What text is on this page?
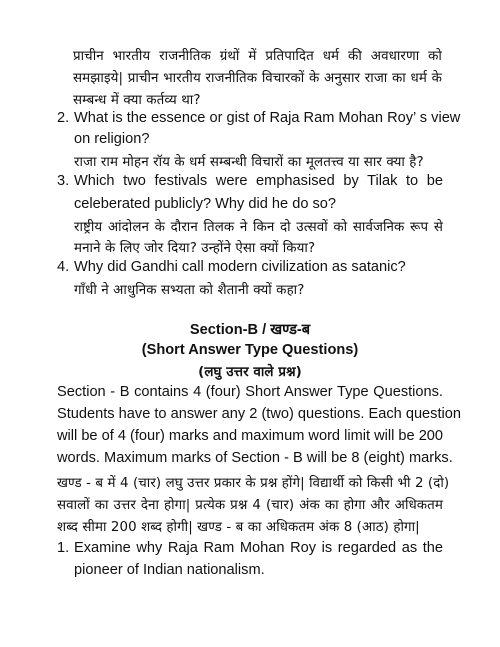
प्राचीन भारतीय राजनीतिक ग्रंथों में प्रतिपादित धर्म की अवधारणा को
समझाइये| प्राचीन भारतीय राजनीतिक विचारकों के अनुसार राजा का धर्म के
सम्बन्ध में क्या कर्तव्य था?
2. What is the essence or gist of Raja Ram Mohan Roy’ s view
on religion?
राजा राम मोहन रॉय के धर्म सम्बन्धी विचारों का मूलतत्त्व या सार क्या है?
3. Which two festivals were emphasised by Tilak to be
celeberated publicly? Why did he do so?
राष्ट्रीय आंदोलन के दौरान तिलक ने किन दो उत्सवों को सार्वजनिक रूप से
मनाने के लिए जोर दिया? उन्होंने ऐसा क्यों किया?
4. Why did Gandhi call modern civilization as satanic?
गाँधी ने आधुनिक सभ्यता को शैतानी क्यों कहा?
Section-B / खण्ड-ब
(Short Answer Type Questions)
(लघु उत्तर वाले प्रश्न)
Section - B contains 4 (four) Short Answer Type Questions.
Students have to answer any 2 (two) questions. Each question
will be of 4 (four) marks and maximum word limit will be 200
words. Maximum marks of Section - B will be 8 (eight) marks.
खण्ड - ब में 4 (चार) लघु उत्तर प्रकार के प्रश्न होंगे| विद्यार्थी को किसी भी 2 (दो)
सवालों का उत्तर देना होगा| प्रत्येक प्रश्न 4 (चार) अंक का होगा और अधिकतम
शब्द सीमा 200 शब्द होगी| खण्ड - ब का अधिकतम अंक 8 (आठ) होगा|
1. Examine why Raja Ram Mohan Roy is regarded as the
pioneer of Indian nationalism.
